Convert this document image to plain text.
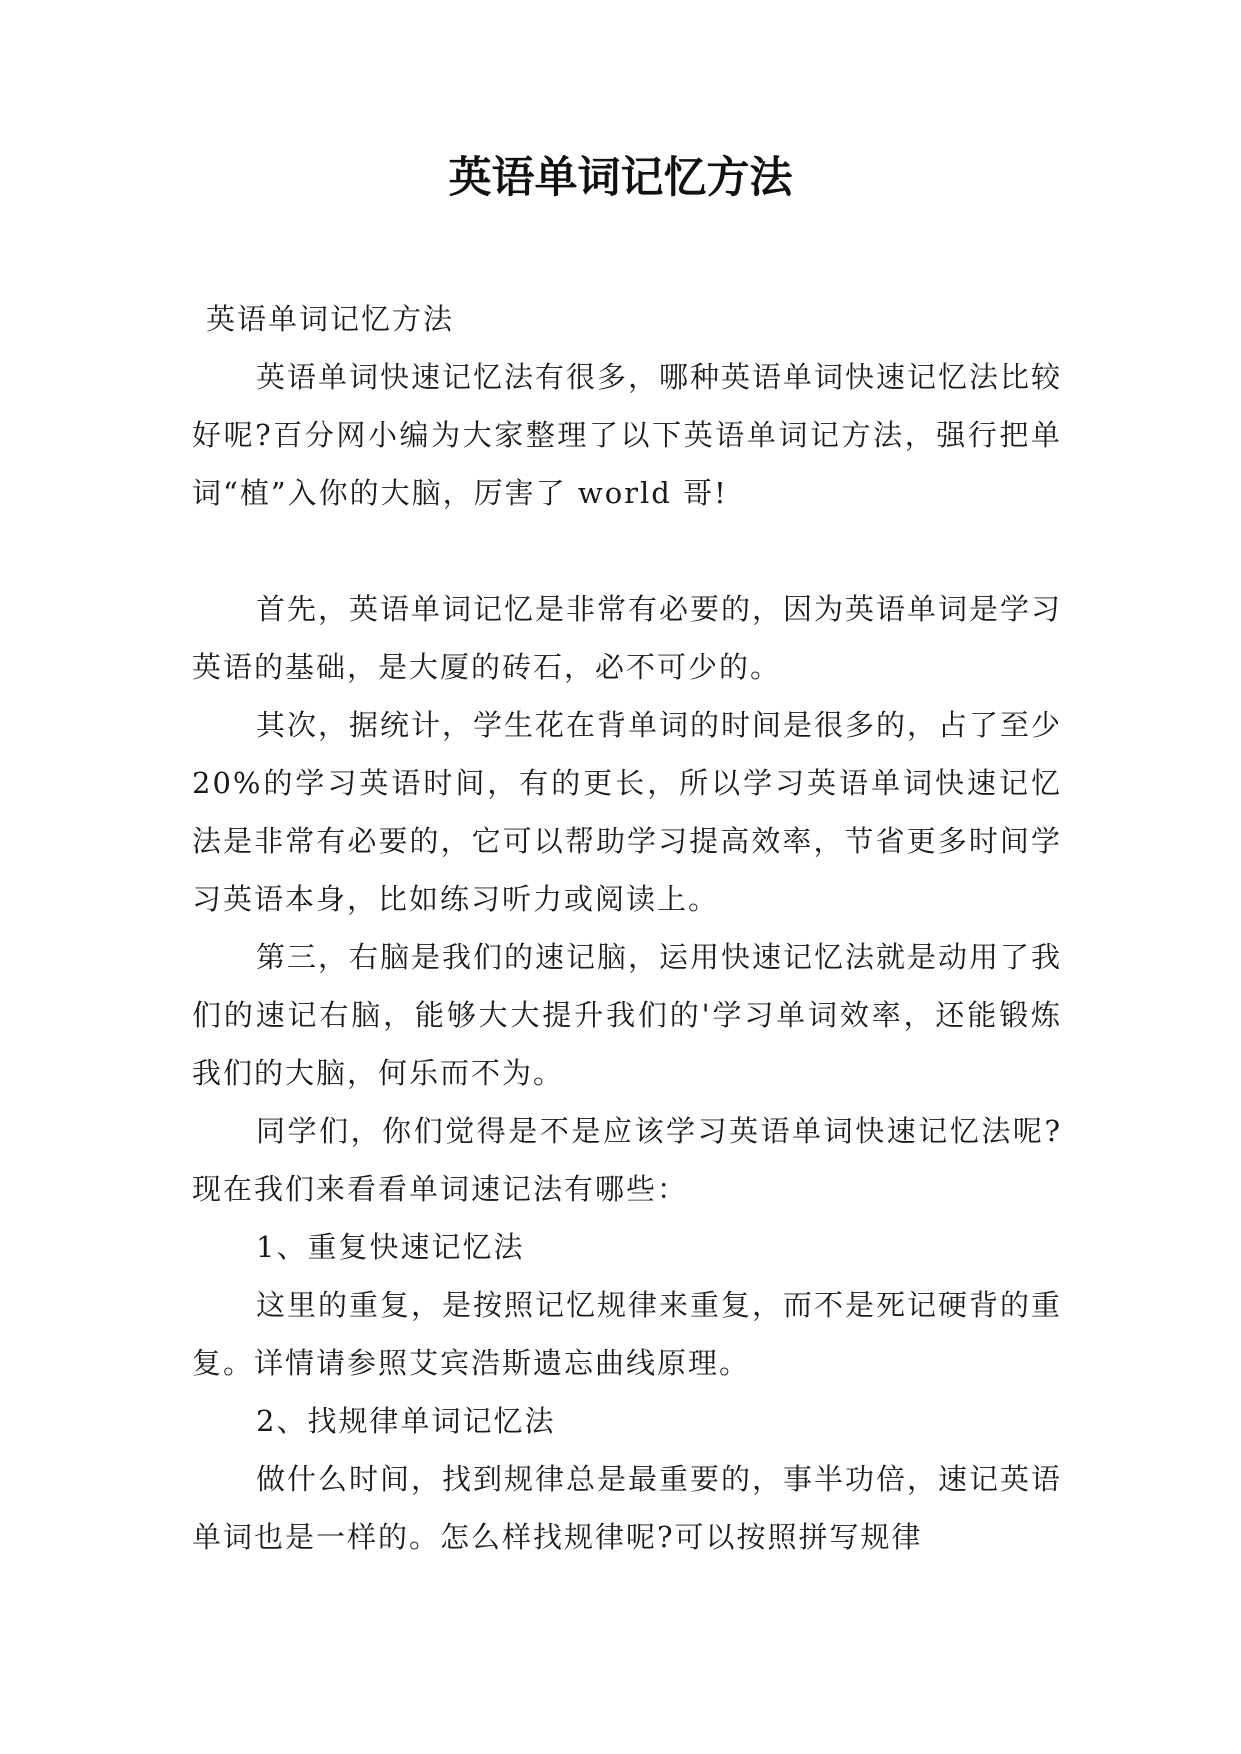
英语单词记忆方法

英语单词记忆方法

英语单词快速记忆法有很多，哪种英语单词快速记忆法比较好呢?百分网小编为大家整理了以下英语单词记方法，强行把单词“植”入你的大脑，厉害了 world 哥!

首先，英语单词记忆是非常有必要的，因为英语单词是学习英语的基础，是大厦的砖石，必不可少的。

其次，据统计，学生花在背单词的时间是很多的，占了至少 20%的学习英语时间，有的更长，所以学习英语单词快速记忆法是非常有必要的，它可以帮助学习提高效率，节省更多时间学习英语本身，比如练习听力或阅读上。

第三，右脑是我们的速记脑，运用快速记忆法就是动用了我们的速记右脑，能够大大提升我们的'学习单词效率，还能锻炼我们的大脑，何乐而不为。

同学们，你们觉得是不是应该学习英语单词快速记忆法呢?现在我们来看看单词速记法有哪些：

1、重复快速记忆法

这里的重复，是按照记忆规律来重复，而不是死记硬背的重复。详情请参照艾宾浩斯遗忘曲线原理。

2、找规律单词记忆法

做什么时间，找到规律总是最重要的，事半功倍，速记英语单词也是一样的。怎么样找规律呢?可以按照拼写规律
